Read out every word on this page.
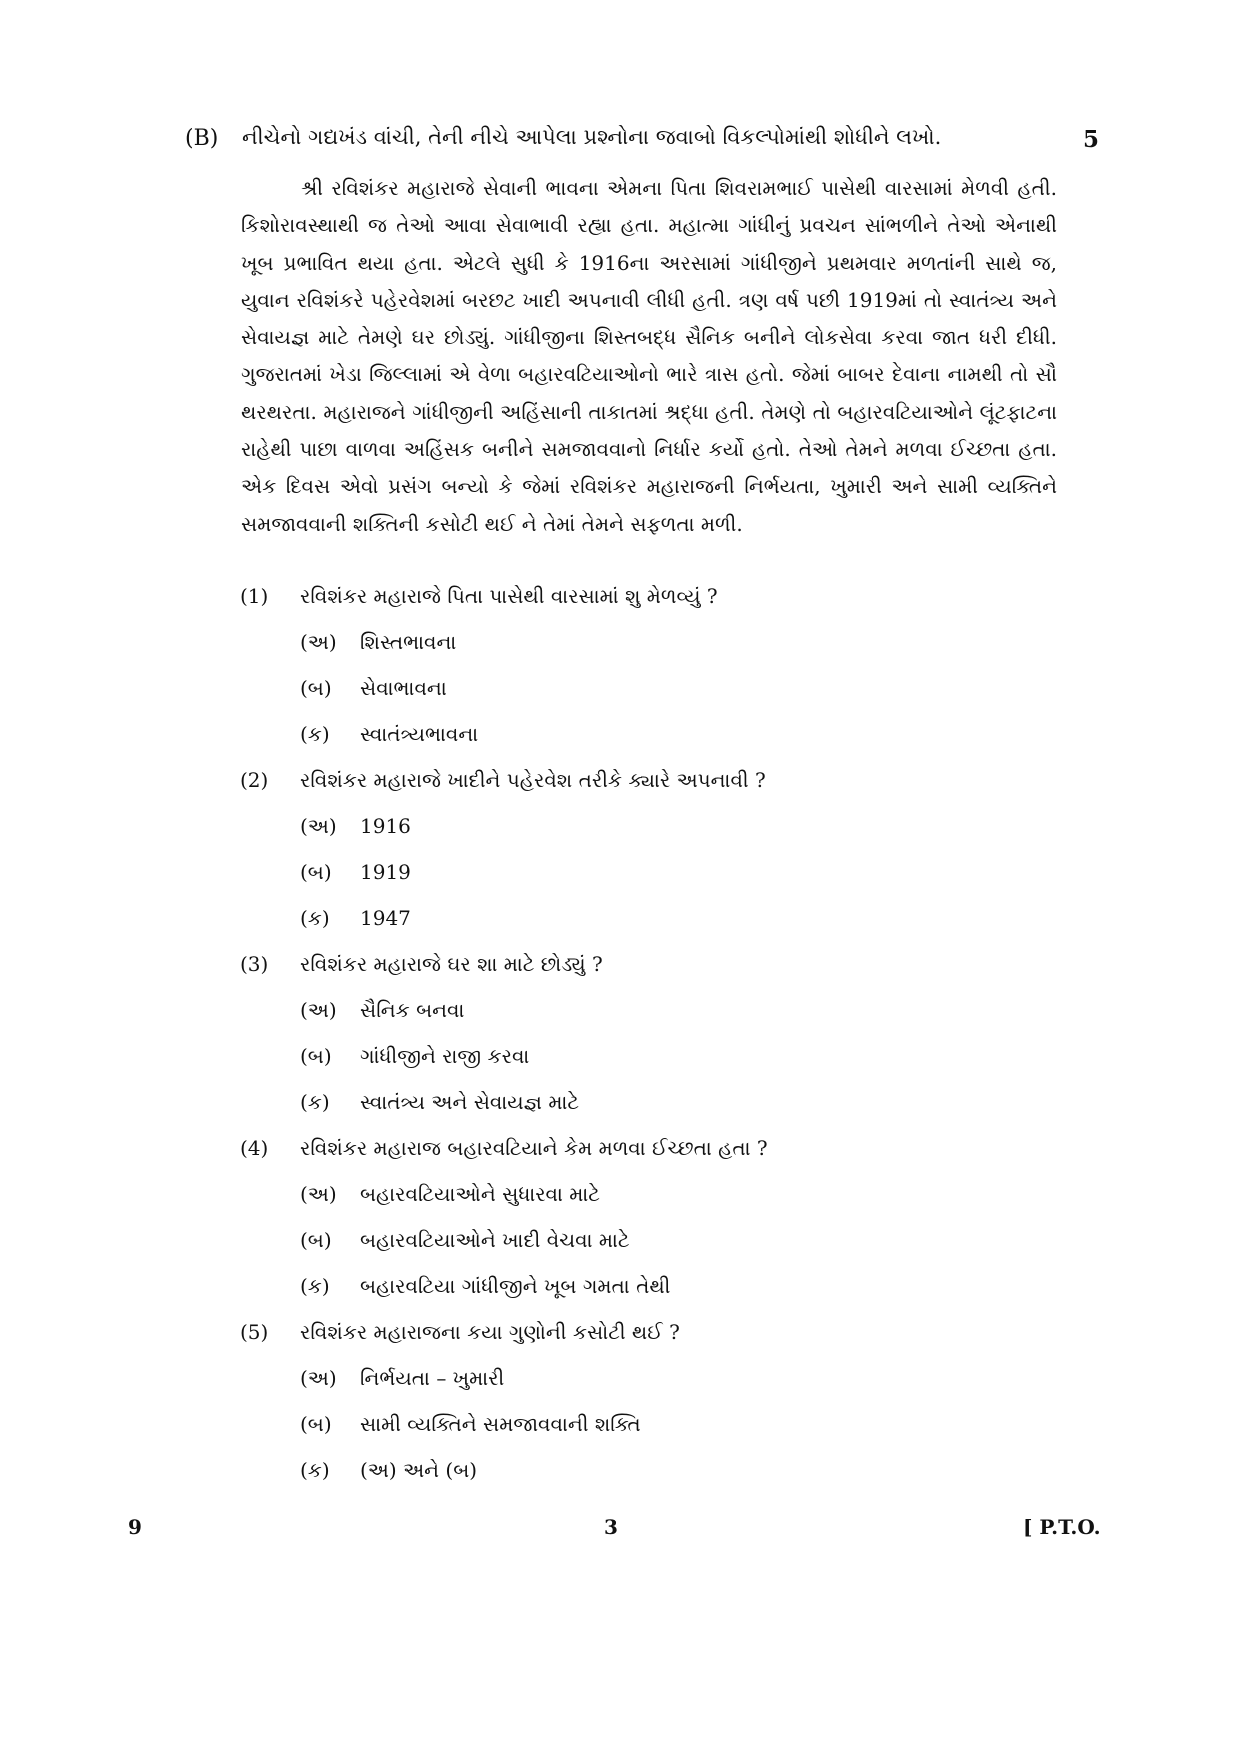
(B) નીચેનો ગદ્યખંડ વાંચી, તેની નીચે આપેલા પ્રશ્નોના જવાબો વિકલ્પોમાંથી શોધીને લખો.	5

શ્રી રવિશંકર મહારાજે સેવાની ભાવના એમના પિતા શિવરામભાઈ પાસેથી વારસામાં મેળવી હતી. કિશોરાવસ્થાથી જ તેઓ આવા સેવાભાવી રહ્યા હતા. મહાત્મા ગાંધીનું પ્રવચન સાંભળીને તેઓ એનાથી ખૂબ પ્રભાવિત થયા હતા. એટલે સુધી કે 1916ના અરસામાં ગાંધીજીને પ્રથમવાર મળતાંની સાથે જ, યુવાન રવિશંકરે પહેરવેશમાં બરછટ ખાદી અપનાવી લીધી હતી. ત્રણ વર્ષ પછી 1919માં તો સ્વાતંત્ર્ય અને સેવાયજ્ઞ માટે તેમણે ઘર છોડ્યું. ગાંધીજીના શિસ્તબદ્ધ સૈનિક બનીને લોકસેવા કરવા જાત ધરી દીધી. ગુજરાતમાં ખેડા જિલ્લામાં એ વેળા બહારવટિયાઓનો ભારે ત્રાસ હતો. જેમાં બાબર દેવાના નામથી તો સૌ થરથરતા. મહારાજને ગાંધીજીની અહિંસાની તાકાતમાં શ્રદ્ધા હતી. તેમણે તો બહારવટિયાઓને લૂંટફાટના રાહેથી પાછા વાળવા અહિંસક બનીને સમજાવવાનો નિર્ધાર કર્યો હતો. તેઓ તેમને મળવા ઈચ્છતા હતા. એક દિવસ એવો પ્રસંગ બન્યો કે જેમાં રવિશંકર મહારાજની નિર્ભયતા, ખુમારી અને સામી વ્યક્તિને સમજાવવાની શક્તિની કસોટી થઈ ને તેમાં તેમને સફળતા મળી.

(1)	રવિશંકર મહારાજે પિતા પાસેથી વારસામાં શુ મેળવ્યું ?
(અ)	શિસ્તભાવના
(બ)	સેવાભાવના
(ક)	સ્વાતંત્ર્યભાવના
(2)	રવિશંકર મહારાજે ખાદીને પહેરવેશ તરીકે ક્યારે અપનાવી ?
(અ)	1916
(બ)	1919
(ક)	1947
(3)	રવિશંકર મહારાજે ઘર શા માટે છોડ્યું ?
(અ)	સૈનિક બનવા
(બ)	ગાંધીજીને રાજી કરવા
(ક)	સ્વાતંત્ર્ય અને સેવાયજ્ઞ માટે
(4)	રવિશંકર મહારાજ બહારવટિયાને કેમ મળવા ઈચ્છતા હતા ?
(અ)	બહારવટિયાઓને સુધારવા માટે
(બ)	બહારવટિયાઓને ખાદી વેચવા માટે
(ક)	બહારવટિયા ગાંધીજીને ખૂબ ગમતા તેથી
(5)	રવિશંકર મહારાજના કયા ગુણોની કસોટી થઈ ?
(અ)	નિર્ભયતા – ખુમારી
(બ)	સામી વ્યક્તિને સમજાવવાની શક્તિ
(ક)	(અ) અને (બ)
9	3	[ P.T.O.
